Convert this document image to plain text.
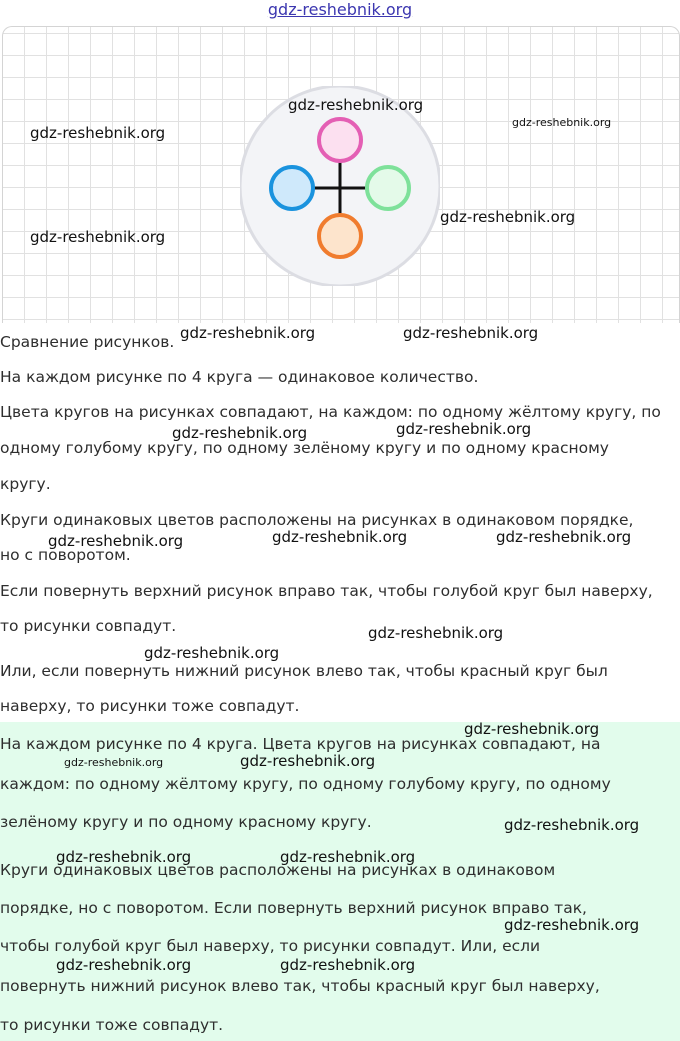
gdz-reshebnik.org
Сравнение рисунков.
На каждом рисунке по 4 круга — одинаковое количество.
Цвета кругов на рисунках совпадают, на каждом: по одному жёлтому кругу, по
одному голубому кругу, по одному зелёному кругу и по одному красному
кругу.
Круги одинаковых цветов расположены на рисунках в одинаковом порядке,
но с поворотом.
Если повернуть верхний рисунок вправо так, чтобы голубой круг был наверху,
то рисунки совпадут.
Или, если повернуть нижний рисунок влево так, чтобы красный круг был
наверху, то рисунки тоже совпадут.
На каждом рисунке по 4 круга. Цвета кругов на рисунках совпадают, на
каждом: по одному жёлтому кругу, по одному голубому кругу, по одному
зелёному кругу и по одному красному кругу.
Круги одинаковых цветов расположены на рисунках в одинаковом
порядке, но с поворотом. Если повернуть верхний рисунок вправо так,
чтобы голубой круг был наверху, то рисунки совпадут. Или, если
повернуть нижний рисунок влево так, чтобы красный круг был наверху,
то рисунки тоже совпадут.
gdz-reshebnik.org
gdz-reshebnik.org
gdz-reshebnik.org
gdz-reshebnik.org
gdz-reshebnik.org
gdz-reshebnik.org	gdz-reshebnik.org
gdz-reshebnik.org	gdz-reshebnik.org
gdz-reshebnik.org	gdz-reshebnik.org	gdz-reshebnik.org
gdz-reshebnik.org
gdz-reshebnik.org
gdz-reshebnik.org
gdz-reshebnik.org	gdz-reshebnik.org
gdz-reshebnik.org
gdz-reshebnik.org	gdz-reshebnik.org
gdz-reshebnik.org
gdz-reshebnik.org	gdz-reshebnik.org
